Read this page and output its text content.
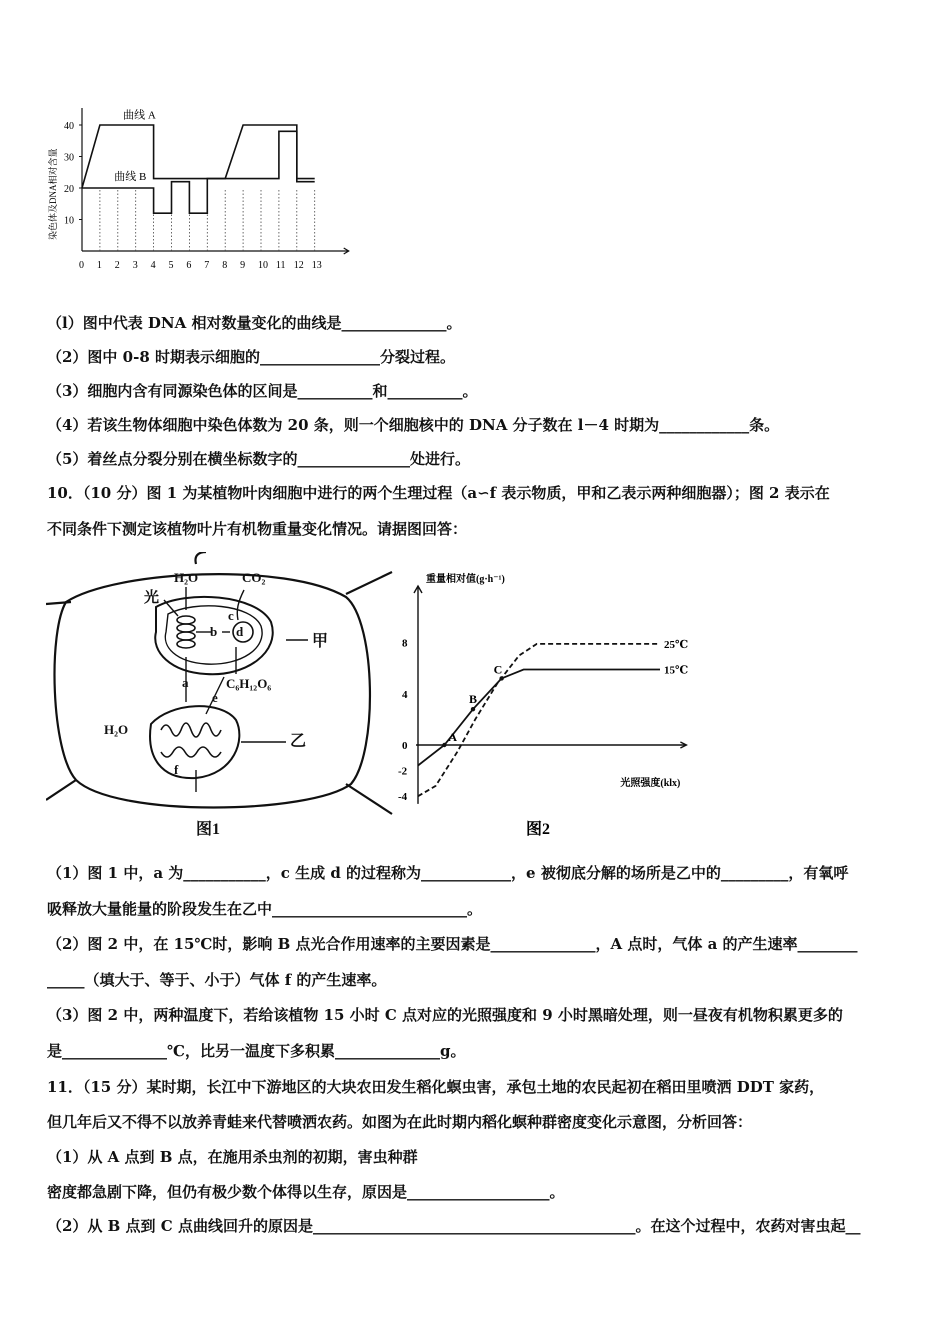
0 1 2 3 4 5 6 7 8 9 10 11 12 13
10
20
30
40
曲线 A
曲线 B
染色体及DNA相对含量
（l）图中代表 DNA 相对数量变化的曲线是______________。
（2）图中 0-8 时期表示细胞的________________分裂过程。
（3）细胞内含有同源染色体的区间是__________和__________。
（4）若该生物体细胞中染色体数为 20 条，则一个细胞核中的 DNA 分子数在 l－4 时期为____________条。
（5）着丝点分裂分别在横坐标数字的_______________处进行。
10．（10 分）图 1 为某植物叶肉细胞中进行的两个生理过程（a∽f 表示物质，甲和乙表示两种细胞器）；图 2 表示在
不同条件下测定该植物叶片有机物重量变化情况。请据图回答：
H₂O
光
CO₂
b
c
d
甲
a	C₆H₁₂O₆
e
H₂O
乙
f
图1
8
4
0
-2
-4
重量相对值(g·h⁻¹)
光照强度(klx)
25℃
15℃
A
B
C
图2
（1）图 1 中，a 为___________，c 生成 d 的过程称为____________，e 被彻底分解的场所是乙中的_________，有氧呼
吸释放大量能量的阶段发生在乙中__________________________。
（2）图 2 中，在 15℃时，影响 B 点光合作用速率的主要因素是______________，A 点时，气体 a 的产生速率________
_____（填大于、等于、小于）气体 f 的产生速率。
（3）图 2 中，两种温度下，若给该植物 15 小时 C 点对应的光照强度和 9 小时黑暗处理，则一昼夜有机物积累更多的
是______________℃，比另一温度下多积累______________g。
11．（15 分）某时期，长江中下游地区的大块农田发生稻化螟虫害，承包土地的农民起初在稻田里喷洒 DDT 家药，
但几年后又不得不以放养青蛙来代替喷洒农药。如图为在此时期内稻化螟种群密度变化示意图，分析回答：
（1）从 A 点到 B 点，在施用杀虫剂的初期，害虫种群
密度都急剧下降，但仍有极少数个体得以生存，原因是___________________。
（2）从 B 点到 C 点曲线回升的原因是___________________________________________。在这个过程中，农药对害虫起__
